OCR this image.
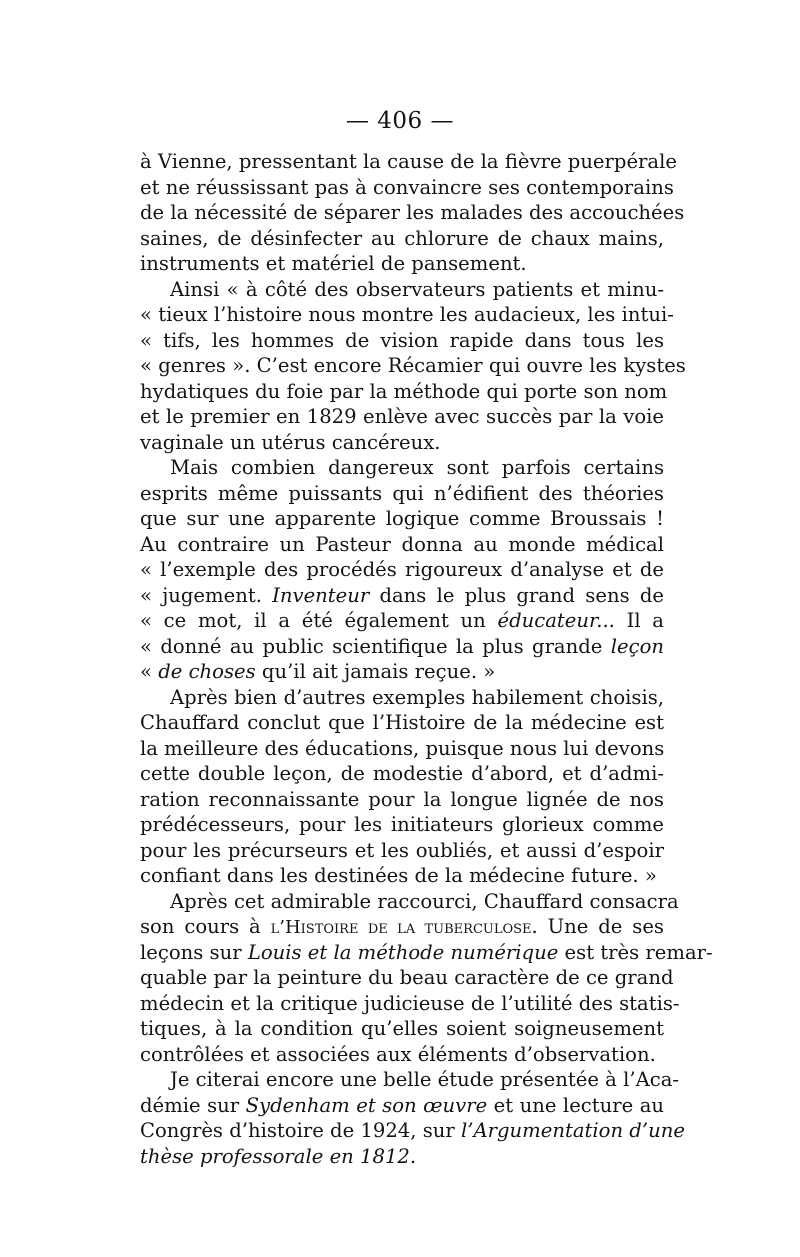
— 406 —
à Vienne, pressentant la cause de la fièvre puerpérale
et ne réussissant pas à convaincre ses contemporains
de la nécessité de séparer les malades des accouchées
saines, de désinfecter au chlorure de chaux mains,
instruments et matériel de pansement.
Ainsi « à côté des observateurs patients et minu-
« tieux l’histoire nous montre les audacieux, les intui-
« tifs, les hommes de vision rapide dans tous les
« genres ». C’est encore Récamier qui ouvre les kystes
hydatiques du foie par la méthode qui porte son nom
et le premier en 1829 enlève avec succès par la voie
vaginale un utérus cancéreux.
Mais combien dangereux sont parfois certains
esprits même puissants qui n’édifient des théories
que sur une apparente logique comme Broussais !
Au contraire un Pasteur donna au monde médical
« l’exemple des procédés rigoureux d’analyse et de
« jugement. Inventeur dans le plus grand sens de
« ce mot, il a été également un éducateur... Il a
« donné au public scientifique la plus grande leçon
« de choses qu’il ait jamais reçue. »
Après bien d’autres exemples habilement choisis,
Chauffard conclut que l’Histoire de la médecine est
la meilleure des éducations, puisque nous lui devons
cette double leçon, de modestie d’abord, et d’admi-
ration reconnaissante pour la longue lignée de nos
prédécesseurs, pour les initiateurs glorieux comme
pour les précurseurs et les oubliés, et aussi d’espoir
confiant dans les destinées de la médecine future. »
Après cet admirable raccourci, Chauffard consacra
son cours à l’Histoire de la tuberculose. Une de ses
leçons sur Louis et la méthode numérique est très remar-
quable par la peinture du beau caractère de ce grand
médecin et la critique judicieuse de l’utilité des statis-
tiques, à la condition qu’elles soient soigneusement
contrôlées et associées aux éléments d’observation.
Je citerai encore une belle étude présentée à l’Aca-
démie sur Sydenham et son œuvre et une lecture au
Congrès d’histoire de 1924, sur l’Argumentation d’une
thèse professorale en 1812.
